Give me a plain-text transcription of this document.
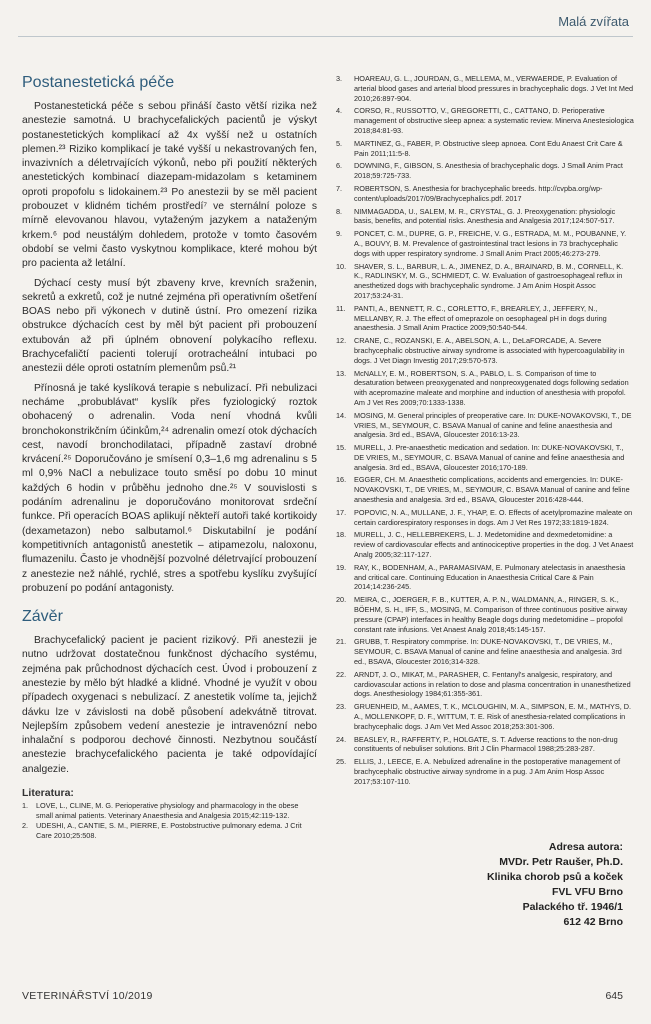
Malá zvířata
Postanestetická péče

Postanestetická péče s sebou přináší často větší rizika než anestezie samotná. U brachycefalických pacientů je výskyt postanestetických komplikací až 4x vyšší než u ostatních plemen.²³ Riziko komplikací je také vyšší u nekastrovaných fen, invazivních a déletrvajících výkonů, nebo při použití některých anestetických kombinací diazepam-midazolam s ketaminem oproti propofolu s lidokainem.²³ Po anestezii by se měl pacient probouzet v klidném tichém prostředí⁷ ve sternální poloze s mírně elevovanou hlavou, vytaženým jazykem a nataženým krkem.⁶ pod neustálým dohledem, protože v tomto časovém období se velmi často vyskytnou komplikace, které mohou být pro pacienta až letální.

Dýchací cesty musí být zbaveny krve, krevních sraženin, sekretů a exkretů, což je nutné zejména při operativním ošetření BOAS nebo při výkonech v dutině ústní. Pro omezení rizika obstrukce dýchacích cest by měl být pacient při probouzení extubován až při úplném obnovení polykacího reflexu. Brachycefaličtí pacienti tolerují orotracheální intubaci po anestezii déle oproti ostatním plemenům psů.²¹

Přínosná je také kyslíková terapie s nebulizací. Při nebulizaci necháme „probublávat“ kyslík přes fyziologický roztok obohacený o adrenalin. Voda není vhodná kvůli bronchokonstrikčním účinkům,²⁴ adrenalin omezí otok dýchacích cest, navodí bronchodilataci, případně zastaví drobné krvácení.²⁵ Doporučováno je smísení 0,3–1,6 mg adrenalinu s 5 ml 0,9% NaCl a nebulizace touto směsí po dobu 10 minut každých 6 hodin v průběhu jednoho dne.²⁵ V souvislosti s podáním adrenalinu je doporučováno monitorovat srdeční funkce. Při operacích BOAS aplikují někteří autoři také kortikoidy (dexametazon) nebo salbutamol.⁶ Diskutabilní je podání kompetitivních antagonistů anestetik – atipamezolu, naloxonu, flumazenilu. Často je vhodnější pozvolné déletrvající probouzení z anestezie než náhlé, rychlé, stres a spotřebu kyslíku zvyšující probuzení po podání antagonisty.

Závěr

Brachycefalický pacient je pacient rizikový. Při anestezii je nutno udržovat dostatečnou funkčnost dýchacího systému, zejména pak průchodnost dýchacích cest. Úvod i probouzení z anestezie by mělo být hladké a klidné. Vhodné je využít v obou případech oxygenaci s nebulizací. Z anestetik volíme ta, jejichž dávku lze v závislosti na době působení adekvátně titrovat. Nejlepším způsobem vedení anestezie je intravenózní nebo inhalační s podporou dechové činnosti. Nezbytnou součástí anestezie brachycefalického pacienta je také odpovídající analgezie.

Literatura:
1.	LOVE, L., CLINE, M. G. Perioperative physiology and pharmacology in the obese small animal patients. Veterinary Anaesthesia and Analgesia 2015;42:119-132.
2.	UDESHI, A., CANTIE, S. M., PIERRE, E. Postobstructive pulmonary edema. J Crit Care 2010;25:508.
3.	HOAREAU, G. L., JOURDAN, G., MELLEMA, M., VERWAERDE, P. Evaluation of arterial blood gases and arterial blood pressures in brachycephalic dogs. J Vet Int Med 2010;26:897-904.
4.	CORSO, R., RUSSOTTO, V., GREGORETTI, C., CATTANO, D. Perioperative management of obstructive sleep apnea: a systematic review. Minerva Anestesiologica 2018;84:81-93.
5.	MARTINEZ, G., FABER, P. Obstructive sleep apnoea. Cont Edu Anaest Crit Care & Pain 2011;11:5-8.
6.	DOWNING, F., GIBSON, S. Anesthesia of brachycephalic dogs. J Small Anim Pract 2018;59:725-733.
7.	ROBERTSON, S. Anesthesia for brachycephalic breeds. http://cvpba.org/wp-content/uploads/2017/09/Brachycephalics.pdf. 2017
8.	NIMMAGADDA, U., SALEM, M. R., CRYSTAL, G. J. Preoxygenation: physiologic basis, benefits, and potential risks. Anesthesia and Analgesia 2017;124:507-517.
9.	PONCET, C. M., DUPRE, G. P., FREICHE, V. G., ESTRADA, M. M., POUBANNE, Y. A., BOUVY, B. M. Prevalence of gastrointestinal tract lesions in 73 brachycephalic dogs with upper respiratory syndrome. J Small Anim Pract 2005;46:273-279.
10.	SHAVER, S. L., BARBUR, L. A., JIMENEZ, D. A., BRAINARD, B. M., CORNELL, K. K., RADLINSKY, M. G., SCHMIEDT, C. W. Evaluation of gastroesophageal reflux in anesthetized dogs with brachycephalic syndrome. J Am Anim Hospit Assoc 2017;53:24-31.
11.	PANTI, A., BENNETT, R. C., CORLETTO, F., BREARLEY, J., JEFFERY, N., MELLANBY, R. J. The effect of omeprazole on oesophageal pH in dogs during anaesthesia. J Small Anim Practice 2009;50:540-544.
12.	CRANE, C., ROZANSKI, E. A., ABELSON, A. L., DeLaFORCADE, A. Severe brachycephalic obstructive airway syndrome is associated with hypercoagulability in dogs. J Vet Diagn Investig 2017;29:570-573.
13.	McNALLY, E. M., ROBERTSON, S. A., PABLO, L. S. Comparison of time to desaturation between preoxygenated and nonpreoxygenated dogs following sedation with acepromazine maleate and morphine and induction of anesthesia with propofol. Am J Vet Res 2009;70:1333-1338.
14.	MOSING, M. General principles of preoperative care. In: DUKE-NOVAKOVSKI, T., DE VRIES, M., SEYMOUR, C. BSAVA Manual of canine and feline anaesthesia and analgesia. 3rd ed., BSAVA, Gloucester 2016:13-23.
15.	MURELL, J. Pre-anaesthetic medication and sedation. In: DUKE-NOVAKOVSKI, T., DE VRIES, M., SEYMOUR, C. BSAVA Manual of canine and feline anaesthesia and analgesia. 3rd ed., BSAVA, Gloucester 2016;170-189.
16.	EGGER, CH. M. Anaesthetic complications, accidents and emergencies. In: DUKE-NOVAKOVSKI, T., DE VRIES, M., SEYMOUR, C. BSAVA Manual of canine and feline anaesthesia and analgesia. 3rd ed., BSAVA, Gloucester 2016:428-444.
17.	POPOVIC, N. A., MULLANE, J. F., YHAP, E. O. Effects of acetylpromazine maleate on certain cardiorespiratory responses in dogs. Am J Vet Res 1972;33:1819-1824.
18.	MURELL, J. C., HELLEBREKERS, L. J. Medetomidine and dexmedetomidine: a review of cardiovascular effects and antinociceptive properties in the dog. J Vet Anaest Analg 2005;32:117-127.
19.	RAY, K., BODENHAM, A., PARAMASIVAM, E. Pulmonary atelectasis in anaesthesia and critical care. Continuing Education in Anaesthesia Critical Care & Pain 2014;14:236-245.
20.	MEIRA, C., JOERGER, F. B., KUTTER, A. P. N., WALDMANN, A., RINGER, S. K., BÖEHM, S. H., IFF, S., MOSING, M. Comparison of three continuous positive airway pressure (CPAP) interfaces in healthy Beagle dogs during medetomidine – propofol constant rate infusions. Vet Anaest Analg 2018;45:145-157.
21.	GRUBB, T. Respiratory commprise. In: DUKE-NOVAKOVSKI, T., DE VRIES, M., SEYMOUR, C. BSAVA Manual of canine and feline anaesthesia and analgesia. 3rd ed., BSAVA, Gloucester 2016;314-328.
22.	ARNDT, J. O., MIKAT, M., PARASHER, C. Fentanyl's analgesic, respiratory, and cardiovascular actions in relation to dose and plasma concentration in unanesthetized dogs. Anesthesiology 1984;61:355-361.
23.	GRUENHEID, M., AAMES, T. K., MCLOUGHIN, M. A., SIMPSON, E. M., MATHYS, D. A., MOLLENKOPF, D. F., WITTUM, T. E. Risk of anesthesia-related complications in brachycephalic dogs. J Am Vet Med Assoc 2018;253:301-306.
24.	BEASLEY, R., RAFFERTY, P., HOLGATE, S. T. Adverse reactions to the non-drug constituents of nebuliser solutions. Brit J Clin Pharmacol 1988;25:283-287.
25.	ELLIS, J., LEECE, E. A. Nebulized adrenaline in the postoperative management of brachycephalic obstructive airway syndrome in a pug. J Am Anim Hosp Assoc 2017;53:107-110.
Adresa autora:
MVDr. Petr Raušer, Ph.D.
Klinika chorob psů a koček
FVL VFU Brno
Palackého tř. 1946/1
612 42 Brno
VETERINÁŘSTVÍ 10/2019	645
